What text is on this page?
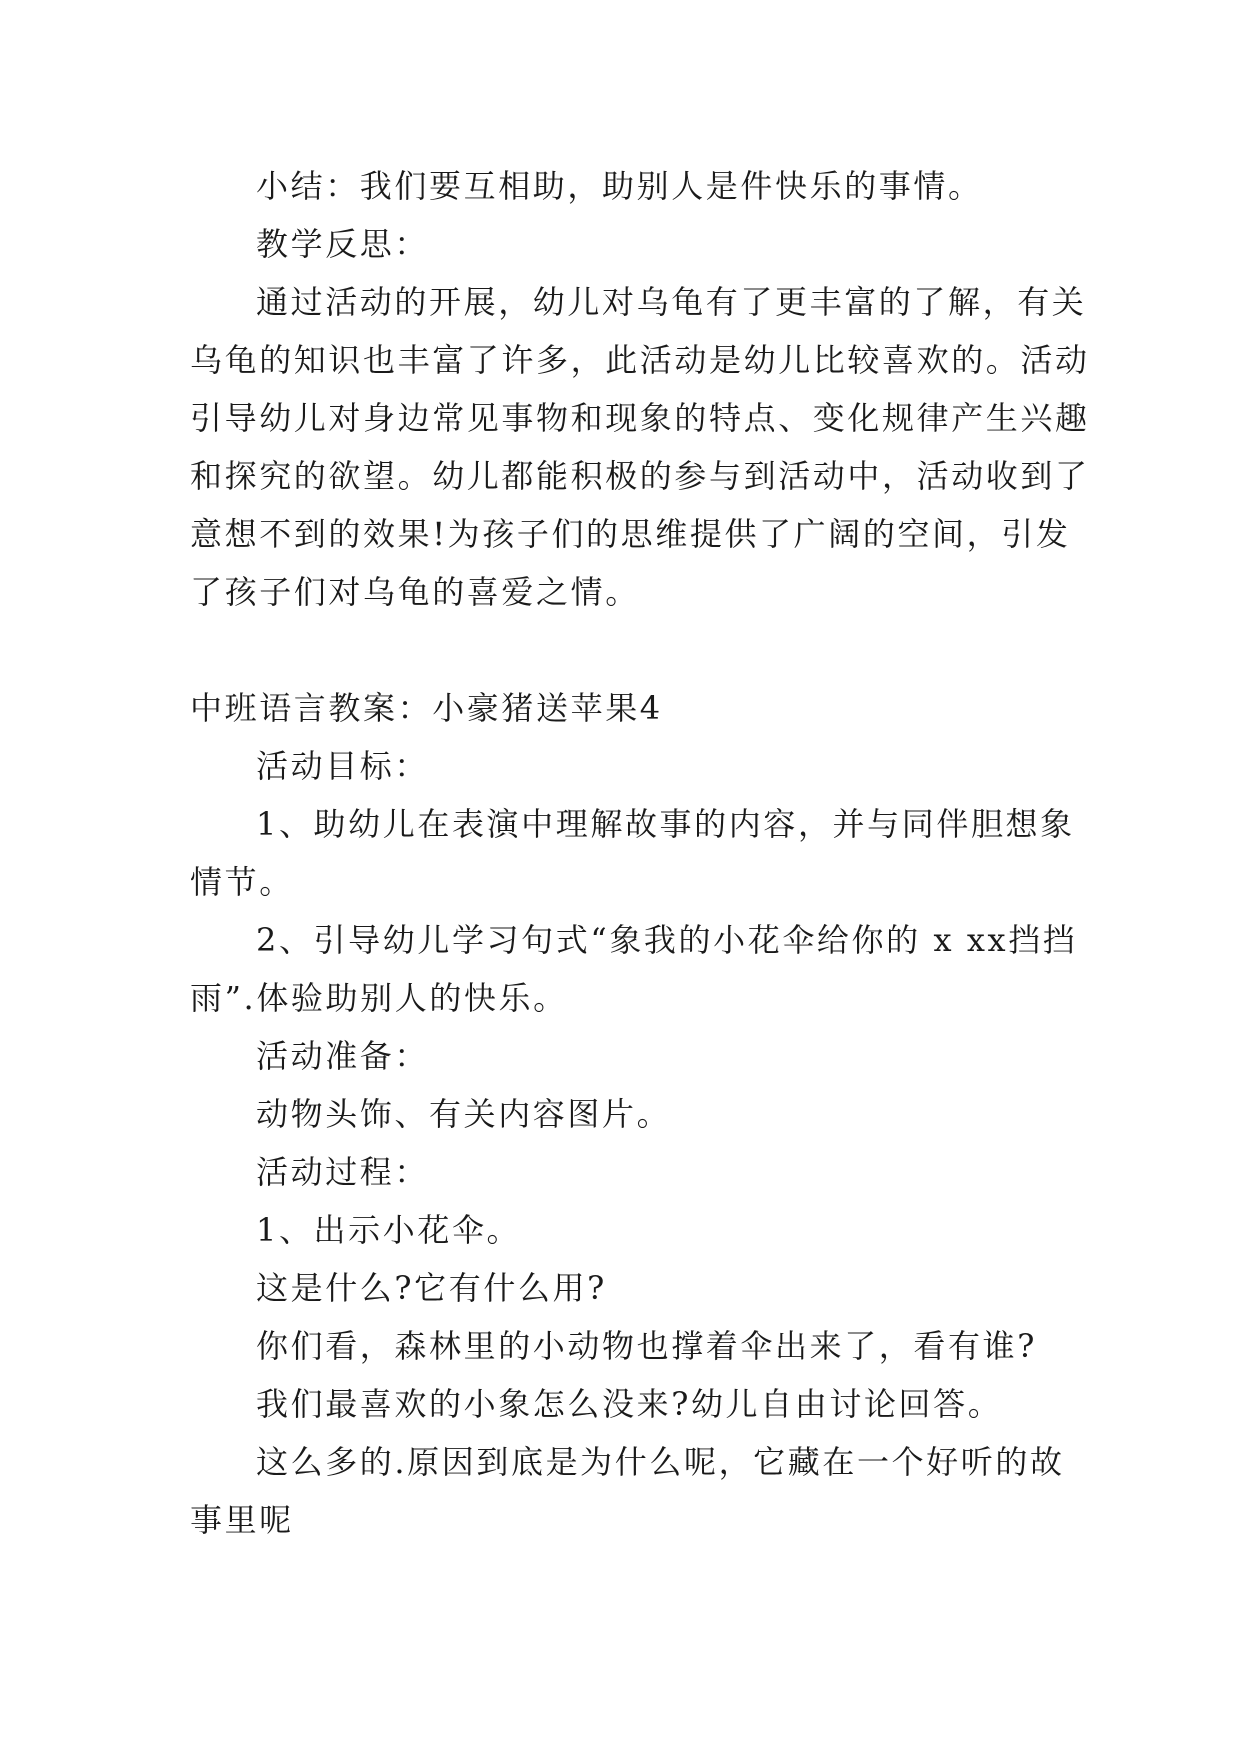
小结：我们要互相助，助别人是件快乐的事情。
教学反思：
通过活动的开展，幼儿对乌龟有了更丰富的了解，有关
乌龟的知识也丰富了许多，此活动是幼儿比较喜欢的。活动
引导幼儿对身边常见事物和现象的特点、变化规律产生兴趣
和探究的欲望。幼儿都能积极的参与到活动中，活动收到了
意想不到的效果!为孩子们的思维提供了广阔的空间，引发
了孩子们对乌龟的喜爱之情。
中班语言教案：小豪猪送苹果4
活动目标：
1、助幼儿在表演中理解故事的内容，并与同伴胆想象
情节。
2、引导幼儿学习句式“象我的小花伞给你的 x xx挡挡
雨”.体验助别人的快乐。
活动准备：
动物头饰、有关内容图片。
活动过程：
1、出示小花伞。
这是什么?它有什么用?
你们看，森林里的小动物也撑着伞出来了，看有谁?
我们最喜欢的小象怎么没来?幼儿自由讨论回答。
这么多的.原因到底是为什么呢，它藏在一个好听的故
事里呢
